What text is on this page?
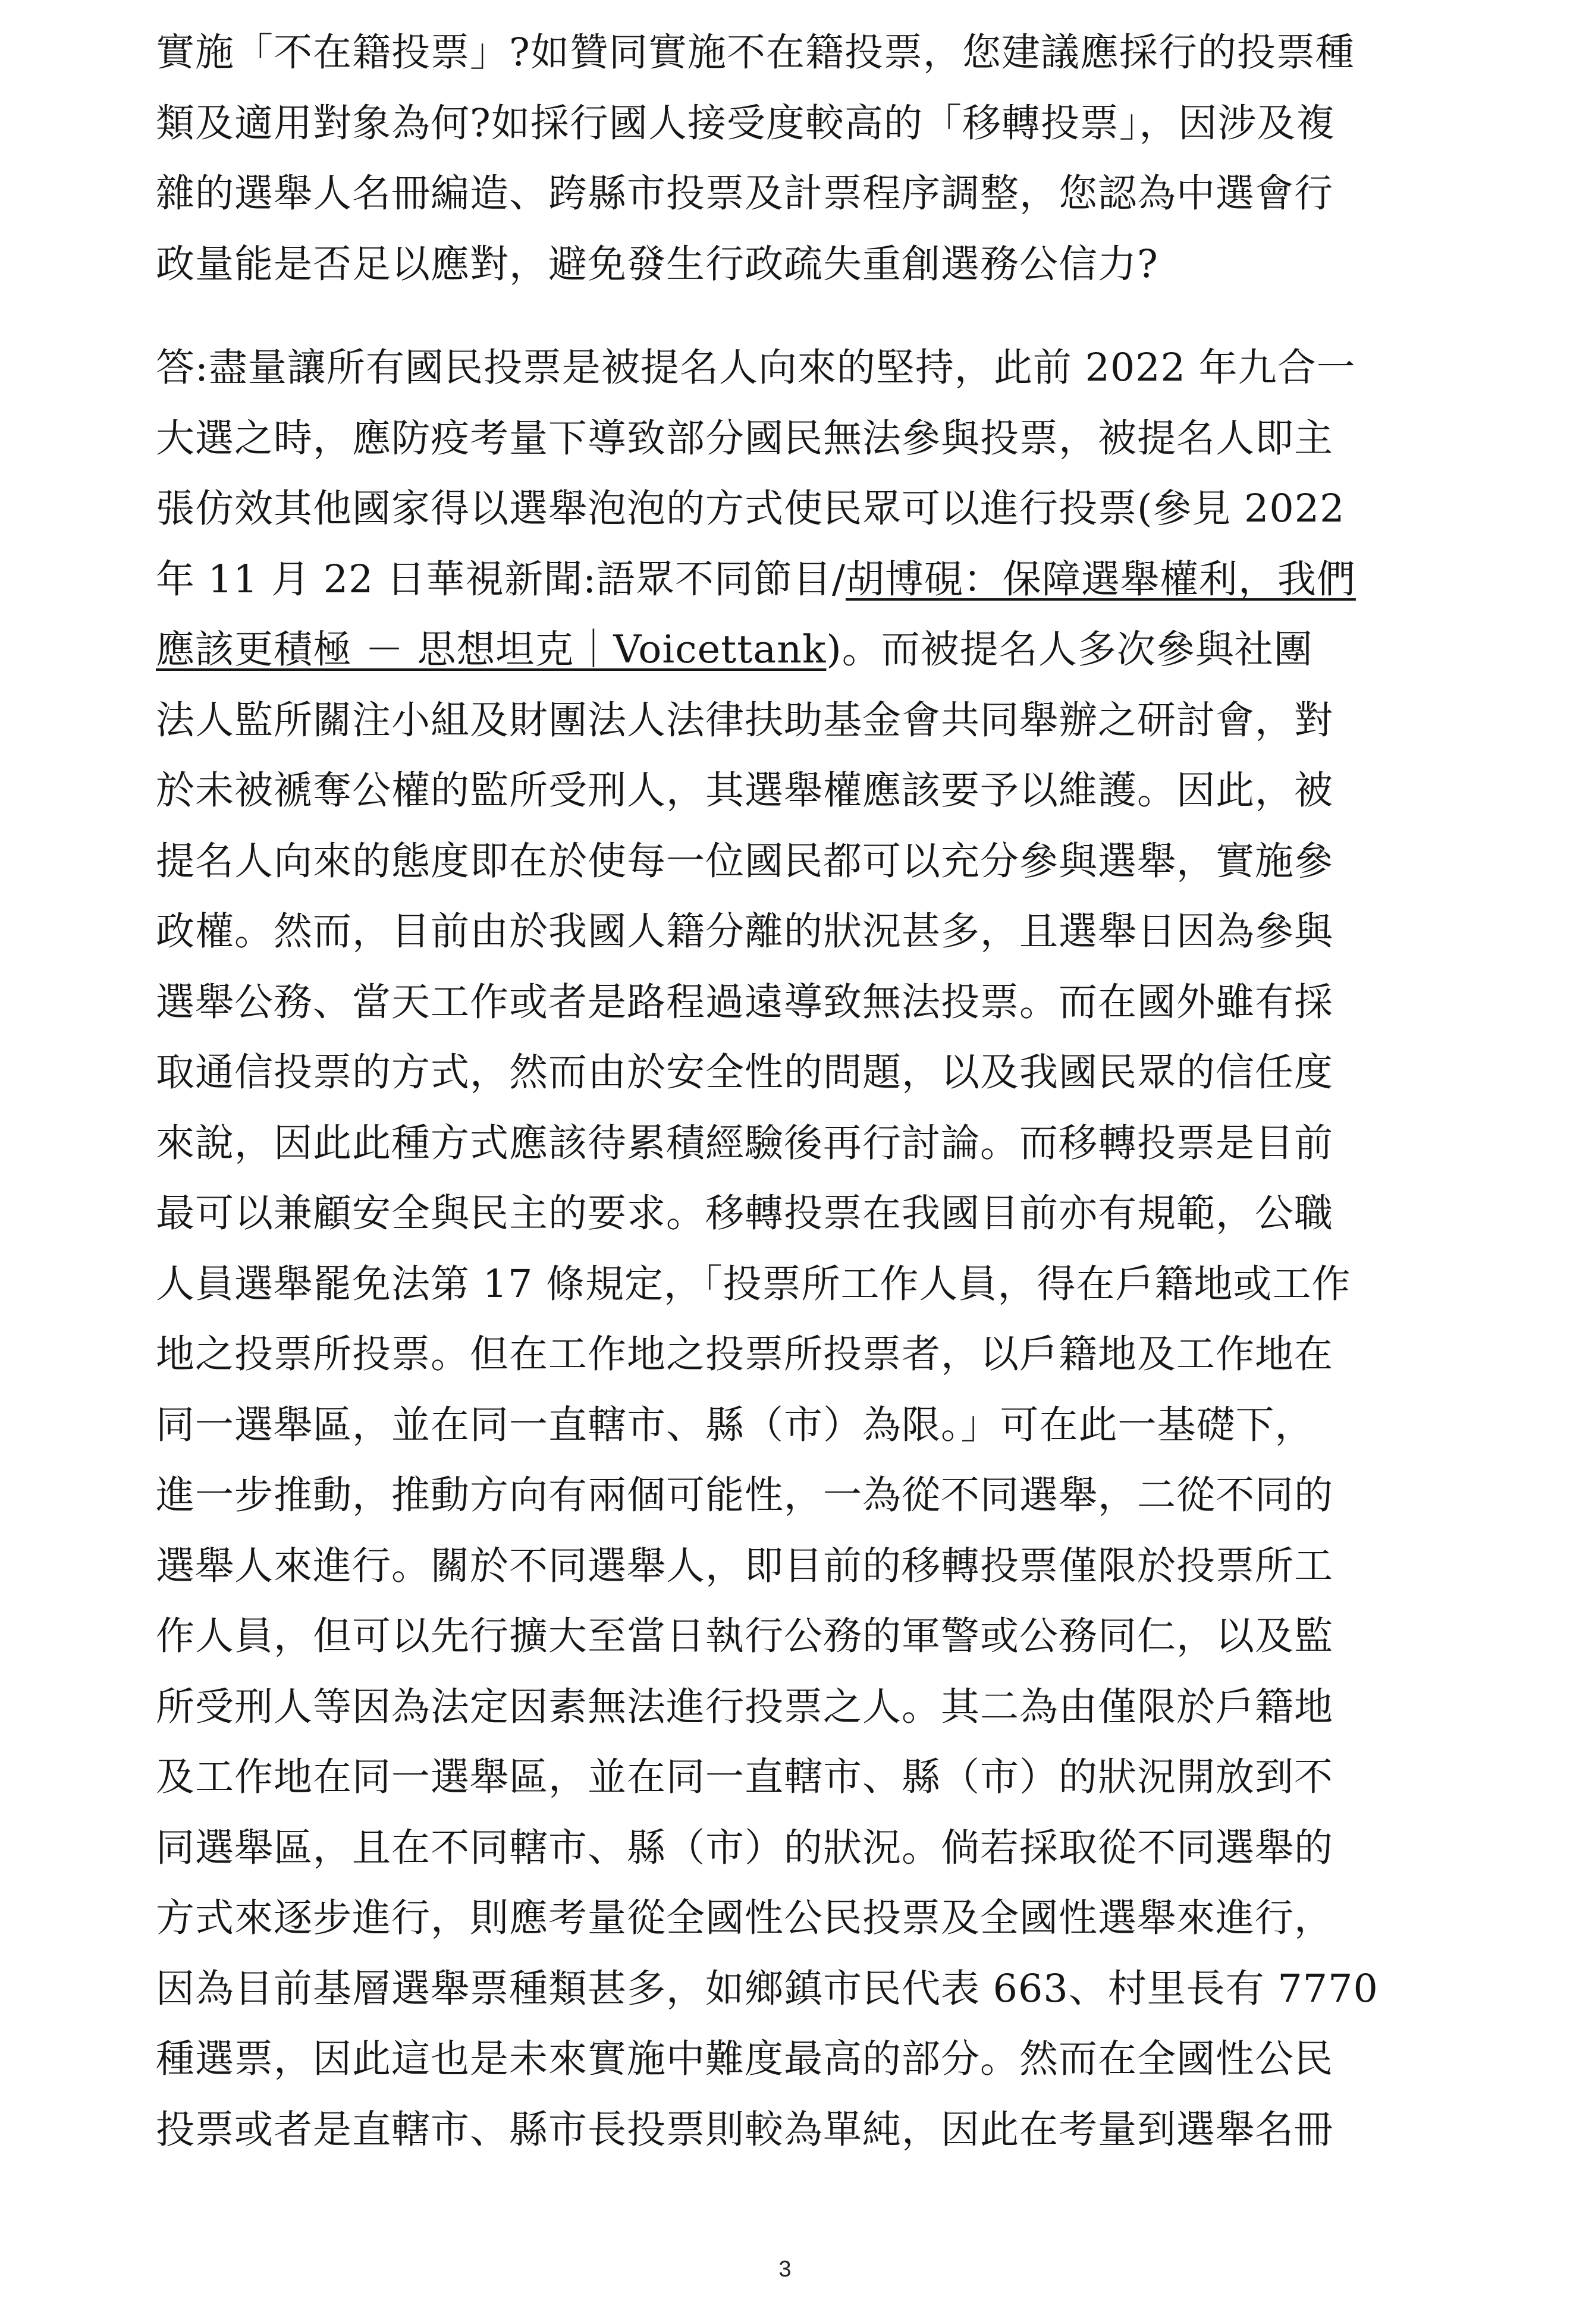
實施「不在籍投票」?如贊同實施不在籍投票，您建議應採行的投票種
類及適用對象為何?如採行國人接受度較高的「移轉投票」，因涉及複
雜的選舉人名冊編造、跨縣市投票及計票程序調整，您認為中選會行
政量能是否足以應對，避免發生行政疏失重創選務公信力?
答:盡量讓所有國民投票是被提名人向來的堅持，此前 2022 年九合一
大選之時，應防疫考量下導致部分國民無法參與投票，被提名人即主
張仿效其他國家得以選舉泡泡的方式使民眾可以進行投票(參見 2022
年 11 月 22 日華視新聞:語眾不同節目/胡博硯：保障選舉權利，我們
應該更積極 － 思想坦克｜Voicettank)。而被提名人多次參與社團
法人監所關注小組及財團法人法律扶助基金會共同舉辦之研討會，對
於未被褫奪公權的監所受刑人，其選舉權應該要予以維護。因此，被
提名人向來的態度即在於使每一位國民都可以充分參與選舉，實施參
政權。然而，目前由於我國人籍分離的狀況甚多，且選舉日因為參與
選舉公務、當天工作或者是路程過遠導致無法投票。而在國外雖有採
取通信投票的方式，然而由於安全性的問題，以及我國民眾的信任度
來說，因此此種方式應該待累積經驗後再行討論。而移轉投票是目前
最可以兼顧安全與民主的要求。移轉投票在我國目前亦有規範，公職
人員選舉罷免法第 17 條規定，「投票所工作人員，得在戶籍地或工作
地之投票所投票。但在工作地之投票所投票者，以戶籍地及工作地在
同一選舉區，並在同一直轄市、縣（市）為限。」可在此一基礎下，
進一步推動，推動方向有兩個可能性，一為從不同選舉，二從不同的
選舉人來進行。關於不同選舉人，即目前的移轉投票僅限於投票所工
作人員，但可以先行擴大至當日執行公務的軍警或公務同仁，以及監
所受刑人等因為法定因素無法進行投票之人。其二為由僅限於戶籍地
及工作地在同一選舉區，並在同一直轄市、縣（市）的狀況開放到不
同選舉區，且在不同轄市、縣（市）的狀況。倘若採取從不同選舉的
方式來逐步進行，則應考量從全國性公民投票及全國性選舉來進行，
因為目前基層選舉票種類甚多，如鄉鎮市民代表 663、村里長有 7770
種選票，因此這也是未來實施中難度最高的部分。然而在全國性公民
投票或者是直轄市、縣市長投票則較為單純，因此在考量到選舉名冊
3
